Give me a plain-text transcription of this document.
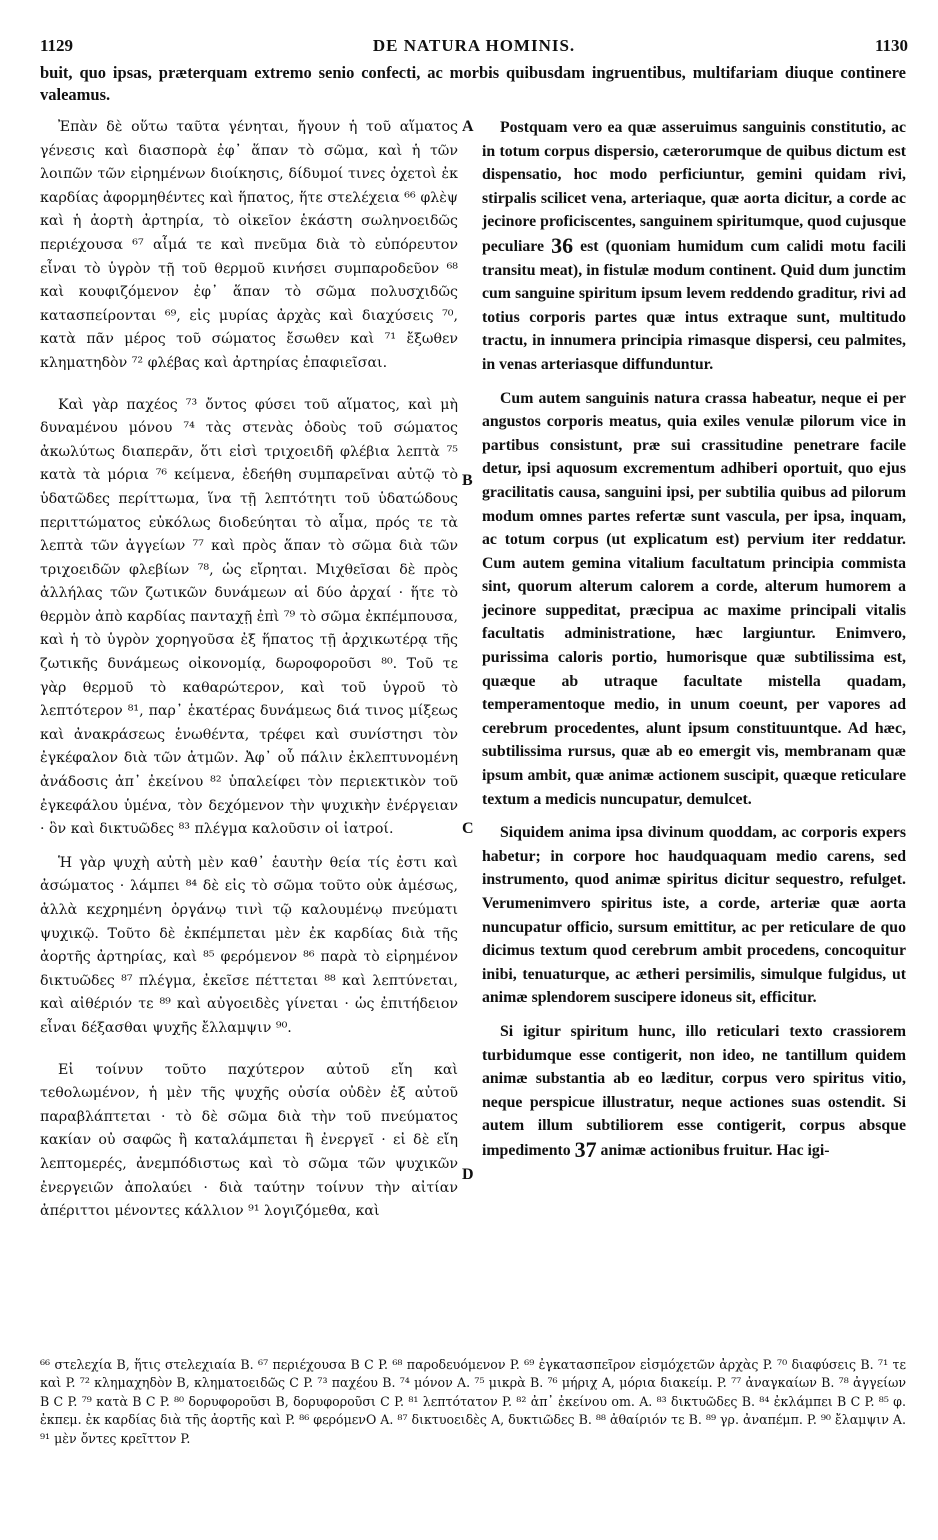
1129	DE NATURA HOMINIS.	1130
buit, quo ipsas, præterquam extremo senio confecti, ac morbis quibusdam ingruentibus, multifariam diuque continere valeamus.

Ἐπὰν δὲ οὕτω ταῦτα γένηται, ἤγουν ἡ τοῦ αἵματος γένεσις καὶ διασπορὰ ἐφ᾿ ἅπαν τὸ σῶμα, καὶ ἡ τῶν λοιπῶν τῶν εἰρημένων διοίκησις, δίδυμοί τινες ὀχετοὶ ἐκ καρδίας ἀφορμηθέντες καὶ ἥπατος, ἥτε στελέχεια ⁶⁶ φλὲψ καὶ ἡ ἀορτὴ ἀρτηρία, τὸ οἰκεῖον ἑκάστη σωληνοειδῶς περιέχουσα ⁶⁷ αἷμά τε καὶ πνεῦμα διὰ τὸ εὐπόρευτον εἶναι τὸ ὑγρὸν τῇ τοῦ θερμοῦ κινήσει συμπαροδεῦον ⁶⁸ καὶ κουφιζόμενον ἐφ᾿ ἅπαν τὸ σῶμα πολυσχιδῶς κατασπείρονται ⁶⁹, εἰς μυρίας ἀρχὰς καὶ διαχύσεις ⁷⁰, κατὰ πᾶν μέρος τοῦ σώματος ἔσωθεν καὶ ⁷¹ ἔξωθεν κληματηδὸν ⁷² φλέβας καὶ ἀρτηρίας ἐπαφιεῖσαι.

Καὶ γὰρ παχέος ⁷³ ὄντος φύσει τοῦ αἵματος, καὶ μὴ δυναμένου μόνου ⁷⁴ τὰς στενὰς ὁδοὺς τοῦ σώματος ἀκωλύτως διαπερᾶν, ὅτι εἰσὶ τριχοειδῆ φλέβια λεπτὰ ⁷⁵ κατὰ τὰ μόρια ⁷⁶ κείμενα, ἐδεήθη συμπαρεῖναι αὐτῷ τὸ ὑδατῶδες περίττωμα, ἵνα τῇ λεπτότητι τοῦ ὑδατώδους περιττώματος εὐκόλως διοδεύηται τὸ αἷμα, πρός τε τὰ λεπτὰ τῶν ἀγγείων ⁷⁷ καὶ πρὸς ἅπαν τὸ σῶμα διὰ τῶν τριχοειδῶν φλεβίων ⁷⁸, ὡς εἴρηται. Μιχθεῖσαι δὲ πρὸς ἀλλήλας τῶν ζωτικῶν δυνάμεων αἱ δύο ἀρχαί · ἥτε τὸ θερμὸν ἀπὸ καρδίας πανταχῇ ἐπὶ ⁷⁹ τὸ σῶμα ἐκπέμπουσα, καὶ ἡ τὸ ὑγρὸν χορηγοῦσα ἐξ ἥπατος τῇ ἀρχικωτέρᾳ τῆς ζωτικῆς δυνάμεως οἰκονομίᾳ, δωροφοροῦσι ⁸⁰. Τοῦ τε γὰρ θερμοῦ τὸ καθαρώτερον, καὶ τοῦ ὑγροῦ τὸ λεπτότερον ⁸¹, παρ᾿ ἑκατέρας δυνάμεως διά τινος μίξεως καὶ ἀνακράσεως ἑνωθέντα, τρέφει καὶ συνίστησι τὸν ἐγκέφαλον διὰ τῶν ἀτμῶν. Ἀφ᾿ οὗ πάλιν ἐκλεπτυνομένη ἀνάδοσις ἀπ᾿ ἐκείνου ⁸² ὑπαλείφει τὸν περιεκτικὸν τοῦ ἐγκεφάλου ὑμένα, τὸν δεχόμενον τὴν ψυχικὴν ἐνέργειαν · ὃν καὶ δικτυῶδες ⁸³ πλέγμα καλοῦσιν οἱ ἰατροί.

Ἡ γὰρ ψυχὴ αὐτὴ μὲν καθ᾿ ἑαυτὴν θεία τίς ἐστι καὶ ἀσώματος · λάμπει ⁸⁴ δὲ εἰς τὸ σῶμα τοῦτο οὐκ ἀμέσως, ἀλλὰ κεχρημένη ὀργάνῳ τινὶ τῷ καλουμένῳ πνεύματι ψυχικῷ. Τοῦτο δὲ ἐκπέμπεται μὲν ἐκ καρδίας διὰ τῆς ἀορτῆς ἀρτηρίας, καὶ ⁸⁵ φερόμενον ⁸⁶ παρὰ τὸ εἰρημένον δικτυῶδες ⁸⁷ πλέγμα, ἐκεῖσε πέττεται ⁸⁸ καὶ λεπτύνεται, καὶ αἰθέριόν τε ⁸⁹ καὶ αὐγοειδὲς γίνεται · ὡς ἐπιτήδειον εἶναι δέξασθαι ψυχῆς ἔλλαμψιν ⁹⁰.

Εἰ τοίνυν τοῦτο παχύτερον αὐτοῦ εἴη καὶ τεθολωμένον, ἡ μὲν τῆς ψυχῆς οὐσία οὐδὲν ἐξ αὐτοῦ παραβλάπτεται · τὸ δὲ σῶμα διὰ τὴν τοῦ πνεύματος κακίαν οὐ σαφῶς ἢ καταλάμπεται ἢ ἐνεργεῖ · εἰ δὲ εἴη λεπτομερές, ἀνεμπόδιστως καὶ τὸ σῶμα τῶν ψυχικῶν ἐνεργειῶν ἀπολαύει · διὰ ταύτην τοίνυν τὴν αἰτίαν ἀπέριττοι μένοντες κάλλιον ⁹¹ λογιζόμεθα, καὶ

A
B
C
D

Postquam vero ea quæ asseruimus sanguinis constitutio, ac in totum corpus dispersio, cæterorumque de quibus dictum est dispensatio, hoc modo perficiuntur, gemini quidam rivi, stirpalis scilicet vena, arteriaque, quæ aorta dicitur, a corde ac jecinore proficiscentes, sanguinem spiritumque, quod cujusque peculiare 36 est (quoniam humidum cum calidi motu facili transitu meat), in fistulæ modum continent. Quid dum junctim cum sanguine spiritum ipsum levem reddendo graditur, rivi ad totius corporis partes quæ intus extraque sunt, multitudo tractu, in innumera principia rimasque dispersi, ceu palmites, in venas arteriasque diffunduntur.

Cum autem sanguinis natura crassa habeatur, neque ei per angustos corporis meatus, quia exiles venulæ pilorum vice in partibus consistunt, præ sui crassitudine penetrare facile detur, ipsi aquosum excrementum adhiberi oportuit, quo ejus gracilitatis causa, sanguini ipsi, per subtilia quibus ad pilorum modum omnes partes refertæ sunt vascula, per ipsa, inquam, ac totum corpus (ut explicatum est) pervium iter reddatur. Cum autem gemina vitalium facultatum principia commista sint, quorum alterum calorem a corde, alterum humorem a jecinore suppeditat, præcipua ac maxime principali vitalis facultatis administratione, hæc largiuntur. Enimvero, purissima caloris portio, humorisque quæ subtilissima est, quæque ab utraque facultate mistella quadam, temperamentoque medio, in unum coeunt, per vapores ad cerebrum procedentes, alunt ipsum constituuntque. Ad hæc, subtilissima rursus, quæ ab eo emergit vis, membranam quæ ipsum ambit, quæ animæ actionem suscipit, quæque reticulare textum a medicis nuncupatur, demulcet.

Siquidem anima ipsa divinum quoddam, ac corporis expers habetur; in corpore hoc haudquaquam medio carens, sed instrumento, quod animæ spiritus dicitur sequestro, refulget. Verumenimvero spiritus iste, a corde, arteriæ quæ aorta nuncupatur officio, sursum emittitur, ac per reticulare de quo dicimus textum quod cerebrum ambit procedens, concoquitur inibi, tenuaturque, ac ætheri persimilis, simulque fulgidus, ut animæ splendorem suscipere idoneus sit, efficitur.

Si igitur spiritum hunc, illo reticulari texto crassiorem turbidumque esse contigerit, non ideo, ne tantillum quidem animæ substantia ab eo læditur, corpus vero spiritus vitio, neque perspicue illustratur, neque actiones suas ostendit. Si autem illum subtiliorem esse contigerit, corpus absque impedimento 37 animæ actionibus fruitur. Hac igi-

⁶⁶ στελεχία B, ἥτις στελεχιαία B. ⁶⁷ περιέχουσα B C P. ⁶⁸ παροδευόμενον P. ⁶⁹ ἐγκατασπεῖρον εἰσμόχετῶν ἀρχὰς P. ⁷⁰ διαφύσεις B. ⁷¹ τε καὶ P. ⁷² κλημαχηδὸν B, κληματοειδῶς C P. ⁷³ παχέου B. ⁷⁴ μόνον A. ⁷⁵ μικρὰ B. ⁷⁶ μήριχ A, μόρια διακείμ. P. ⁷⁷ ἀναγκαίων B. ⁷⁸ ἀγγείων B C P. ⁷⁹ κατὰ B C P. ⁸⁰ δορυφοροῦσι B, δορυφοροῦσι C P. ⁸¹ λεπτότατον P. ⁸² ἀπ᾿ ἐκείνου om. A. ⁸³ δικτυῶδες B. ⁸⁴ ἐκλάμπει B C P. ⁸⁵ φ. ἐκπεμ. ἐκ καρδίας διὰ τῆς ἀορτῆς καὶ P. ⁸⁶ φερόμενΟ A. ⁸⁷ δικτυοειδὲς A, δυκτιῶδες B. ⁸⁸ ἀθαίριόν τε B. ⁸⁹ γρ. ἀναπέμπ. P. ⁹⁰ ἔλαμψιν A. ⁹¹ μὲν ὄντες κρεῖττον P.
